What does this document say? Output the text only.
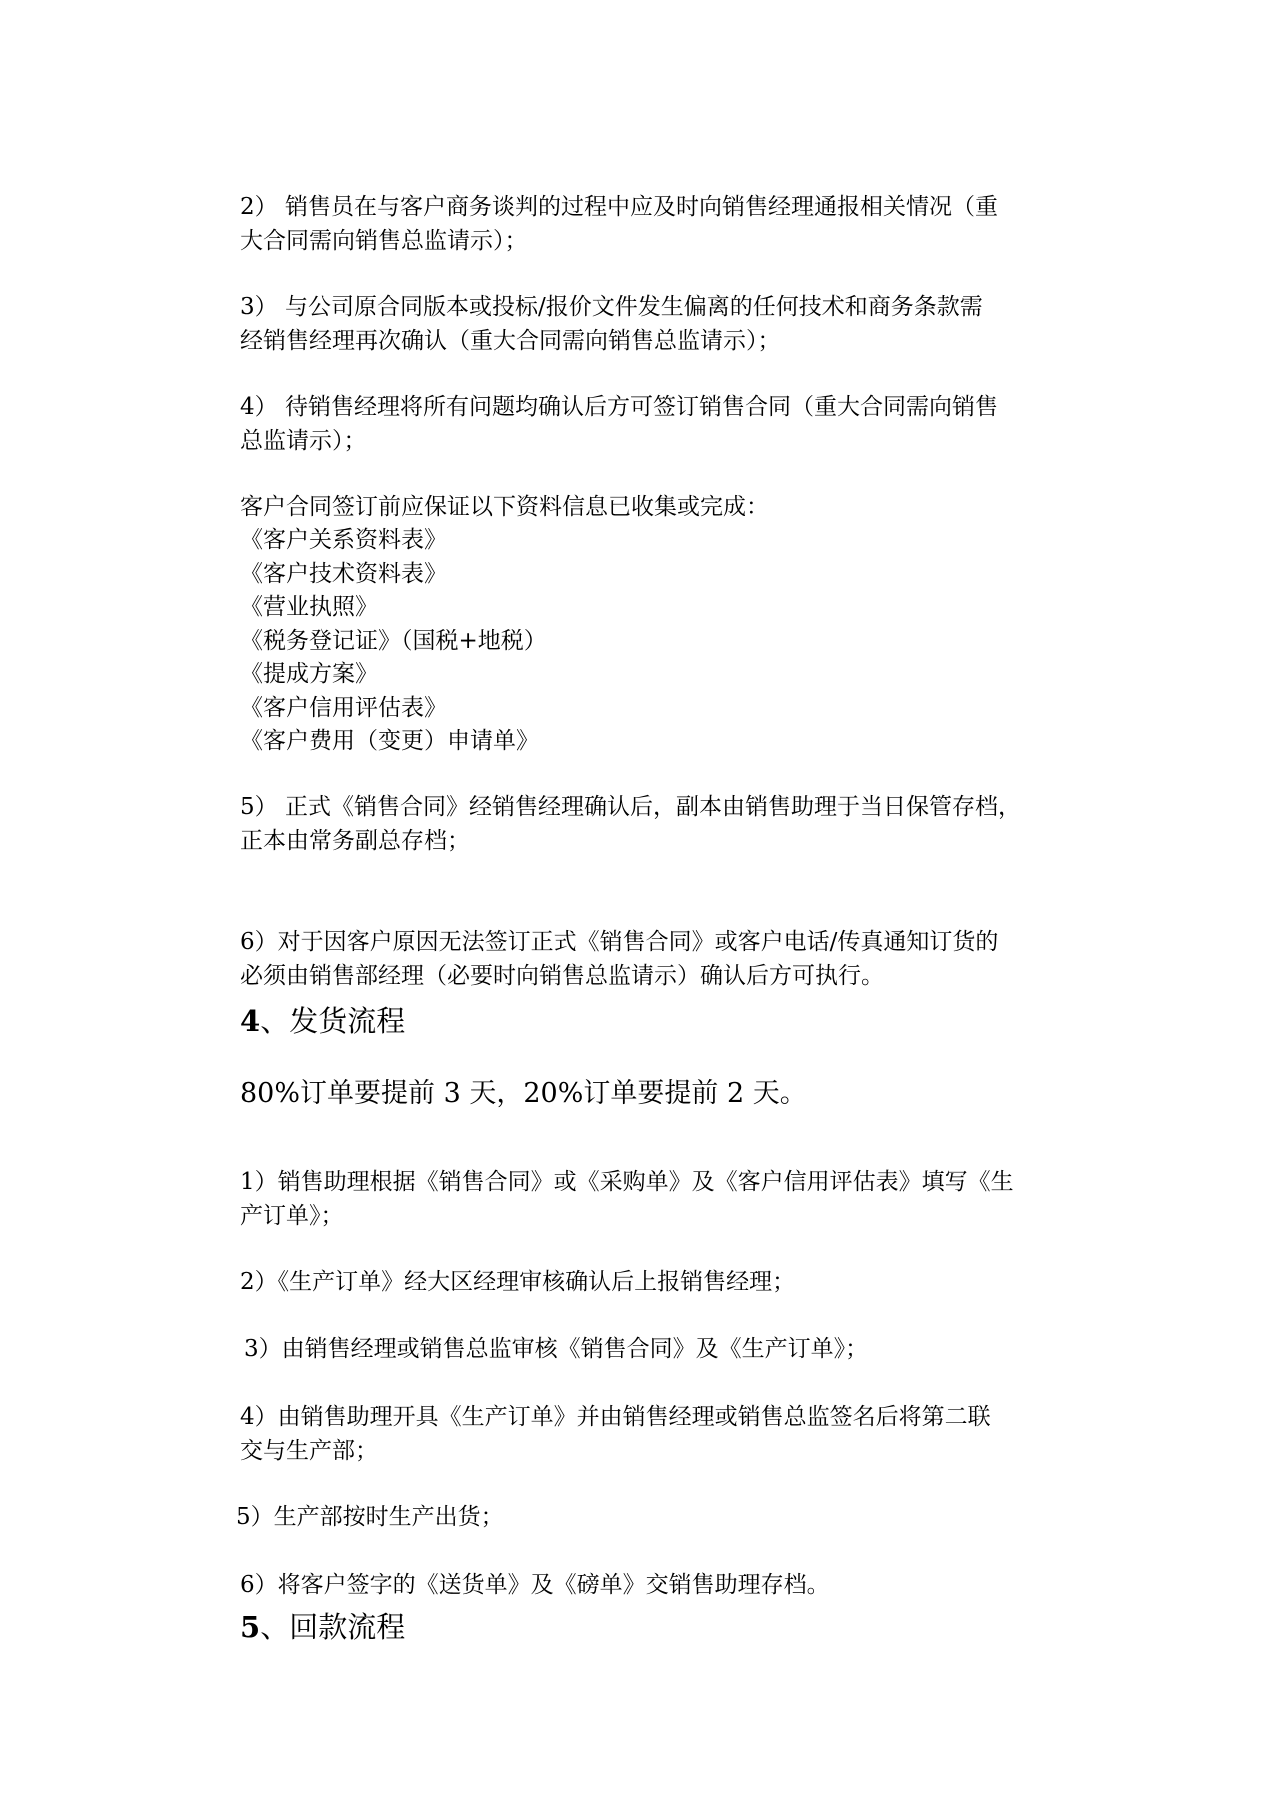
2） 销售员在与客户商务谈判的过程中应及时向销售经理通报相关情况（重

大合同需向销售总监请示）；

3） 与公司原合同版本或投标/报价文件发生偏离的任何技术和商务条款需

经销售经理再次确认（重大合同需向销售总监请示）；

4） 待销售经理将所有问题均确认后方可签订销售合同（重大合同需向销售

总监请示）；

客户合同签订前应保证以下资料信息已收集或完成：

《客户关系资料表》
《客户技术资料表》
《营业执照》
《税务登记证》（国税+地税）
《提成方案》
《客户信用评估表》
《客户费用（变更）申请单》

5） 正式《销售合同》经销售经理确认后，副本由销售助理于当日保管存档，

正本由常务副总存档；

6）对于因客户原因无法签订正式《销售合同》或客户电话/传真通知订货的

必须由销售部经理（必要时向销售总监请示）确认后方可执行。

4、发货流程

80%订单要提前 3 天，20%订单要提前 2 天。

1）销售助理根据《销售合同》或《采购单》及《客户信用评估表》填写《生

产订单》；

2）《生产订单》经大区经理审核确认后上报销售经理；

3）由销售经理或销售总监审核《销售合同》及《生产订单》；

4）由销售助理开具《生产订单》并由销售经理或销售总监签名后将第二联

交与生产部；

5）生产部按时生产出货；

6）将客户签字的《送货单》及《磅单》交销售助理存档。

5、回款流程
